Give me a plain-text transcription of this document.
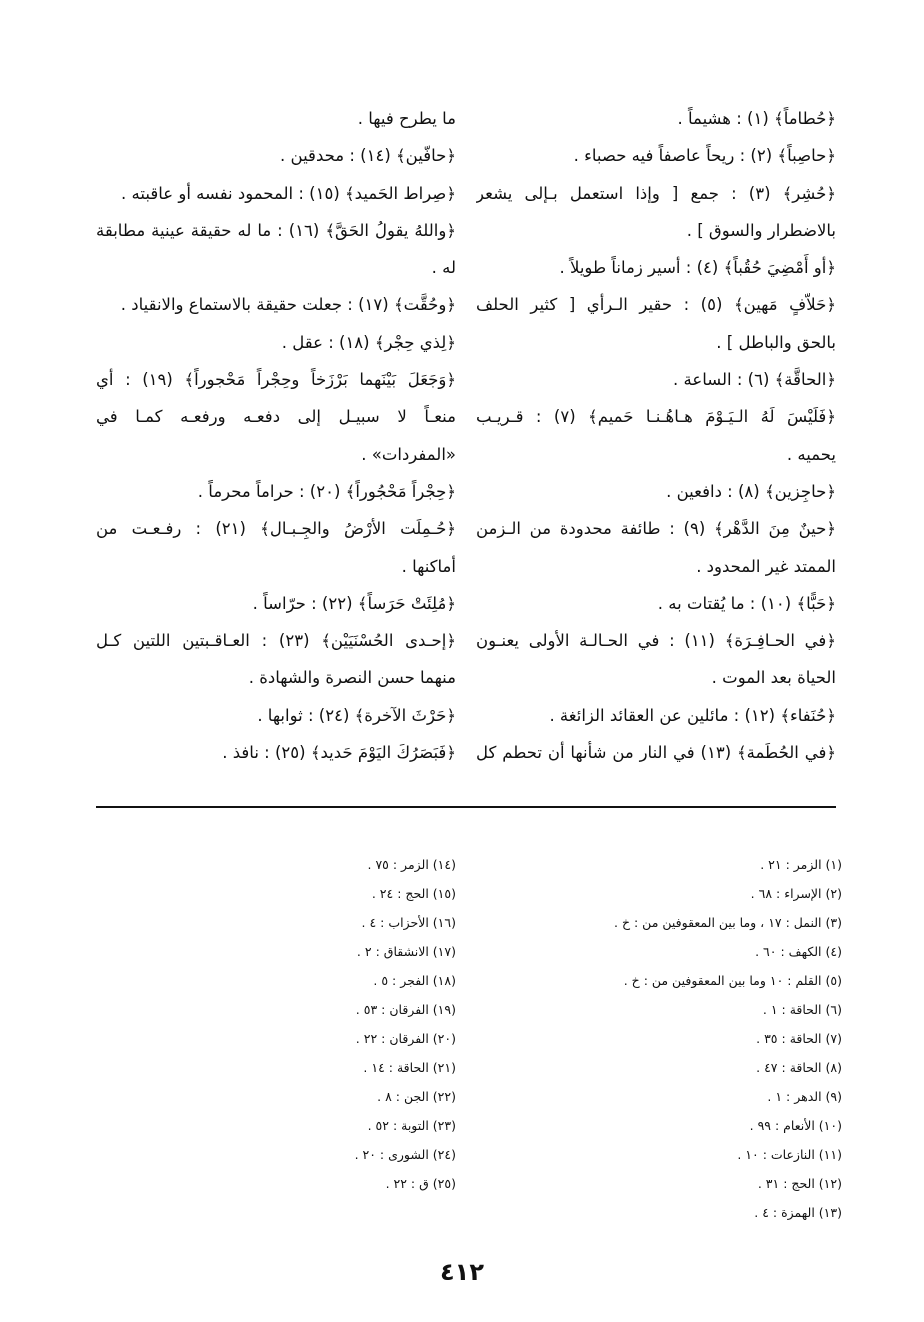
﴿حُطاماً﴾ (١) : هشيماً .
﴿حاصِباً﴾ (٢) : ريحاً عاصفاً فيه حصباء .
﴿حُشِر﴾ (٣) : جمع [ وإذا استعمل بـإلى يشعر
بالاضطرار والسوق ] .
﴿أو أَمْضِيَ حُقُباً﴾ (٤) : أسير زماناً طويلاً .
﴿حَلاّفٍ مَهين﴾ (٥) : حقير الـرأي [ كثير الحلف
بالحق والباطل ] .
﴿الحاقَّة﴾ (٦) : الساعة .
﴿فَلَيْسَ لَهُ الـيَـوْمَ هـاهُـنـا حَميم﴾ (٧) : قـريـب
يحميه .
﴿حاجِزين﴾ (٨) : دافعين .
﴿حينٌ مِنَ الدَّهْر﴾ (٩) : طائفة محدودة من الـزمن
الممتد غير المحدود .
﴿حَبًّا﴾ (١٠) : ما يُقتات به .
﴿في الحـافِـرَة﴾ (١١) : في الحـالـة الأولى يعنـون
الحياة بعد الموت .
﴿حُنَفاء﴾ (١٢) : مائلين عن العقائد الزائغة .
﴿في الحُطَمة﴾ (١٣) في النار من شأنها أن تحطم كل
ما يطرح فيها .
﴿حافّين﴾ (١٤) : محدقين .
﴿صِراط الحَميد﴾ (١٥) : المحمود نفسه أو عاقبته .
﴿واللهُ يقولُ الحَقَّ﴾ (١٦) : ما له حقيقة عينية مطابقة
له .
﴿وحُقَّت﴾ (١٧) : جعلت حقيقة بالاستماع والانقياد .
﴿لِذي حِجْر﴾ (١٨) : عقل .
﴿وَجَعَلَ بَيْنَهما بَرْزَخاً وحِجْراً مَحْجوراً﴾ (١٩) : أي
منعـاً لا سبيـل إلى دفعـه ورفعـه كمـا في
«المفردات» .
﴿حِجْراً مَحْجُوراً﴾ (٢٠) : حراماً محرماً .
﴿حُـمِلَت الأرْضُ والجِـبـال﴾ (٢١) : رفـعـت من
أماكنها .
﴿مُلِئَتْ حَرَساً﴾ (٢٢) : حرّاساً .
﴿إحـدى الحُسْنَيَيْن﴾ (٢٣) : العـاقـبتين اللتين كـل
منهما حسن النصرة والشهادة .
﴿حَرْثَ الآخرة﴾ (٢٤) : ثوابها .
﴿فَبَصَرُكَ اليَوْمَ حَديد﴾ (٢٥) : نافذ .
(١) الزمر : ٢١ .
(٢) الإسراء : ٦٨ .
(٣) النمل : ١٧ ، وما بين المعقوفين من : خ .
(٤) الكهف : ٦٠ .
(٥) القلم : ١٠ وما بين المعقوفين من : خ .
(٦) الحاقة : ١ .
(٧) الحاقة : ٣٥ .
(٨) الحاقة : ٤٧ .
(٩) الدهر : ١ .
(١٠) الأنعام : ٩٩ .
(١١) النازعات : ١٠ .
(١٢) الحج : ٣١ .
(١٣) الهمزة : ٤ .
(١٤) الزمر : ٧٥ .
(١٥) الحج : ٢٤ .
(١٦) الأحزاب : ٤ .
(١٧) الانشقاق : ٢ .
(١٨) الفجر : ٥ .
(١٩) الفرقان : ٥٣ .
(٢٠) الفرقان : ٢٢ .
(٢١) الحاقة : ١٤ .
(٢٢) الجن : ٨ .
(٢٣) التوبة : ٥٢ .
(٢٤) الشورى : ٢٠ .
(٢٥) ق : ٢٢ .
٤١٢
